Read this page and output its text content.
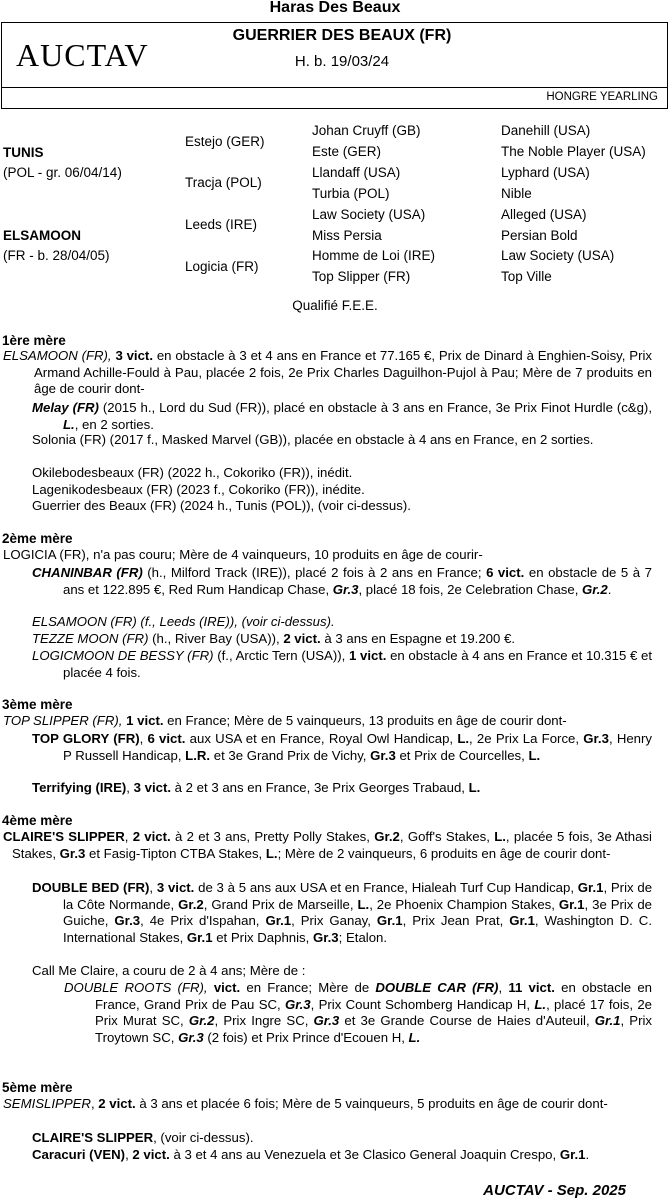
Haras Des Beaux
AUCTAV
GUERRIER DES BEAUX (FR)
H. b. 19/03/24
HONGRE YEARLING
TUNIS
(POL - gr. 06/04/14)
ELSAMOON
(FR - b. 28/04/05)
Estejo (GER)
Tracja (POL)
Leeds (IRE)
Logicia (FR)
Johan Cruyff (GB)
Este (GER)
Llandaff (USA)
Turbia (POL)
Law Society (USA)
Miss Persia
Homme de Loi (IRE)
Top Slipper (FR)
Danehill (USA)
The Noble Player (USA)
Lyphard (USA)
Nible
Alleged (USA)
Persian Bold
Law Society (USA)
Top Ville
Qualifié F.E.E.
1ère mère
ELSAMOON (FR), 3 vict. en obstacle à 3 et 4 ans en France et 77.165 €, Prix de Dinard à Enghien-Soisy, Prix Armand Achille-Fould à Pau, placée 2 fois, 2e Prix Charles Daguilhon-Pujol à Pau; Mère de 7 produits en âge de courir dont-
Melay (FR) (2015 h., Lord du Sud (FR)), placé en obstacle à 3 ans en France, 3e Prix Finot Hurdle (c&g), L., en 2 sorties.
Solonia (FR) (2017 f., Masked Marvel (GB)), placée en obstacle à 4 ans en France, en 2 sorties.
Okilebodesbeaux (FR) (2022 h., Cokoriko (FR)), inédit.
Lagenikodesbeaux (FR) (2023 f., Cokoriko (FR)), inédite.
Guerrier des Beaux (FR) (2024 h., Tunis (POL)), (voir ci-dessus).
2ème mère
LOGICIA (FR), n'a pas couru; Mère de 4 vainqueurs, 10 produits en âge de courir-
CHANINBAR (FR) (h., Milford Track (IRE)), placé 2 fois à 2 ans en France; 6 vict. en obstacle de 5 à 7 ans et 122.895 €, Red Rum Handicap Chase, Gr.3, placé 18 fois, 2e Celebration Chase, Gr.2.
ELSAMOON (FR) (f., Leeds (IRE)), (voir ci-dessus).
TEZZE MOON (FR) (h., River Bay (USA)), 2 vict. à 3 ans en Espagne et 19.200 €.
LOGICMOON DE BESSY (FR) (f., Arctic Tern (USA)), 1 vict. en obstacle à 4 ans en France et 10.315 € et placée 4 fois.
3ème mère
TOP SLIPPER (FR), 1 vict. en France; Mère de 5 vainqueurs, 13 produits en âge de courir dont-
TOP GLORY (FR), 6 vict. aux USA et en France, Royal Owl Handicap, L., 2e Prix La Force, Gr.3, Henry P Russell Handicap, L.R. et 3e Grand Prix de Vichy, Gr.3 et Prix de Courcelles, L.
Terrifying (IRE), 3 vict. à 2 et 3 ans en France, 3e Prix Georges Trabaud, L.
4ème mère
CLAIRE'S SLIPPER, 2 vict. à 2 et 3 ans, Pretty Polly Stakes, Gr.2, Goff's Stakes, L., placée 5 fois, 3e Athasi Stakes, Gr.3 et Fasig-Tipton CTBA Stakes, L.; Mère de 2 vainqueurs, 6 produits en âge de courir dont-
DOUBLE BED (FR), 3 vict. de 3 à 5 ans aux USA et en France, Hialeah Turf Cup Handicap, Gr.1, Prix de la Côte Normande, Gr.2, Grand Prix de Marseille, L., 2e Phoenix Champion Stakes, Gr.1, 3e Prix de Guiche, Gr.3, 4e Prix d'Ispahan, Gr.1, Prix Ganay, Gr.1, Prix Jean Prat, Gr.1, Washington D. C. International Stakes, Gr.1 et Prix Daphnis, Gr.3; Etalon.
Call Me Claire, a couru de 2 à 4 ans; Mère de :
DOUBLE ROOTS (FR), vict. en France; Mère de DOUBLE CAR (FR), 11 vict. en obstacle en France, Grand Prix de Pau SC, Gr.3, Prix Count Schomberg Handicap H, L., placé 17 fois, 2e Prix Murat SC, Gr.2, Prix Ingre SC, Gr.3 et 3e Grande Course de Haies d'Auteuil, Gr.1, Prix Troytown SC, Gr.3 (2 fois) et Prix Prince d'Ecouen H, L.
5ème mère
SEMISLIPPER, 2 vict. à 3 ans et placée 6 fois; Mère de 5 vainqueurs, 5 produits en âge de courir dont-
CLAIRE'S SLIPPER, (voir ci-dessus).
Caracuri (VEN), 2 vict. à 3 et 4 ans au Venezuela et 3e Clasico General Joaquin Crespo, Gr.1.
AUCTAV - Sep. 2025
